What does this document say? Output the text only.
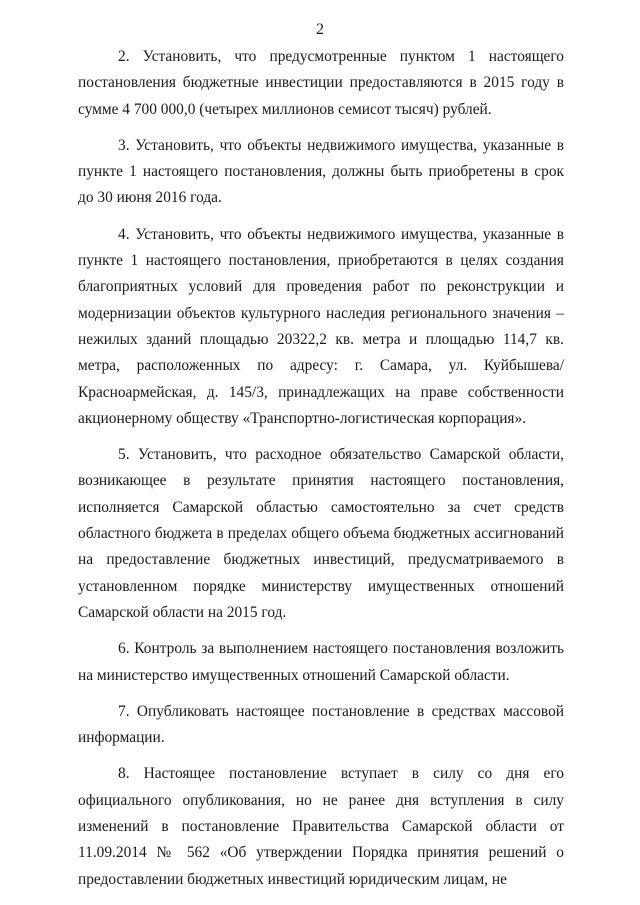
2

2. Установить, что предусмотренные пунктом 1 настоящего постановления бюджетные инвестиции предоставляются в 2015 году в сумме 4 700 000,0 (четырех миллионов семисот тысяч) рублей.

3. Установить, что объекты недвижимого имущества, указанные в пункте 1 настоящего постановления, должны быть приобретены в срок до 30 июня 2016 года.

4. Установить, что объекты недвижимого имущества, указанные в пункте 1 настоящего постановления, приобретаются в целях создания благоприятных условий для проведения работ по реконструкции и модернизации объектов культурного наследия регионального значения – нежилых зданий площадью 20322,2 кв. метра и площадью 114,7 кв. метра, расположенных по адресу: г. Самара, ул. Куйбышева/Красноармейская, д. 145/3, принадлежащих на праве собственности акционерному обществу «Транспортно-логистическая корпорация».

5. Установить, что расходное обязательство Самарской области, возникающее в результате принятия настоящего постановления, исполняется Самарской областью самостоятельно за счет средств областного бюджета в пределах общего объема бюджетных ассигнований на предоставление бюджетных инвестиций, предусматриваемого в установленном порядке министерству имущественных отношений Самарской области на 2015 год.

6. Контроль за выполнением настоящего постановления возложить на министерство имущественных отношений Самарской области.

7. Опубликовать настоящее постановление в средствах массовой информации.

8. Настоящее постановление вступает в силу со дня его официального опубликования, но не ранее дня вступления в силу изменений в постановление Правительства Самарской области от 11.09.2014 № 562 «Об утверждении Порядка принятия решений о предоставлении бюджетных инвестиций юридическим лицам, не
